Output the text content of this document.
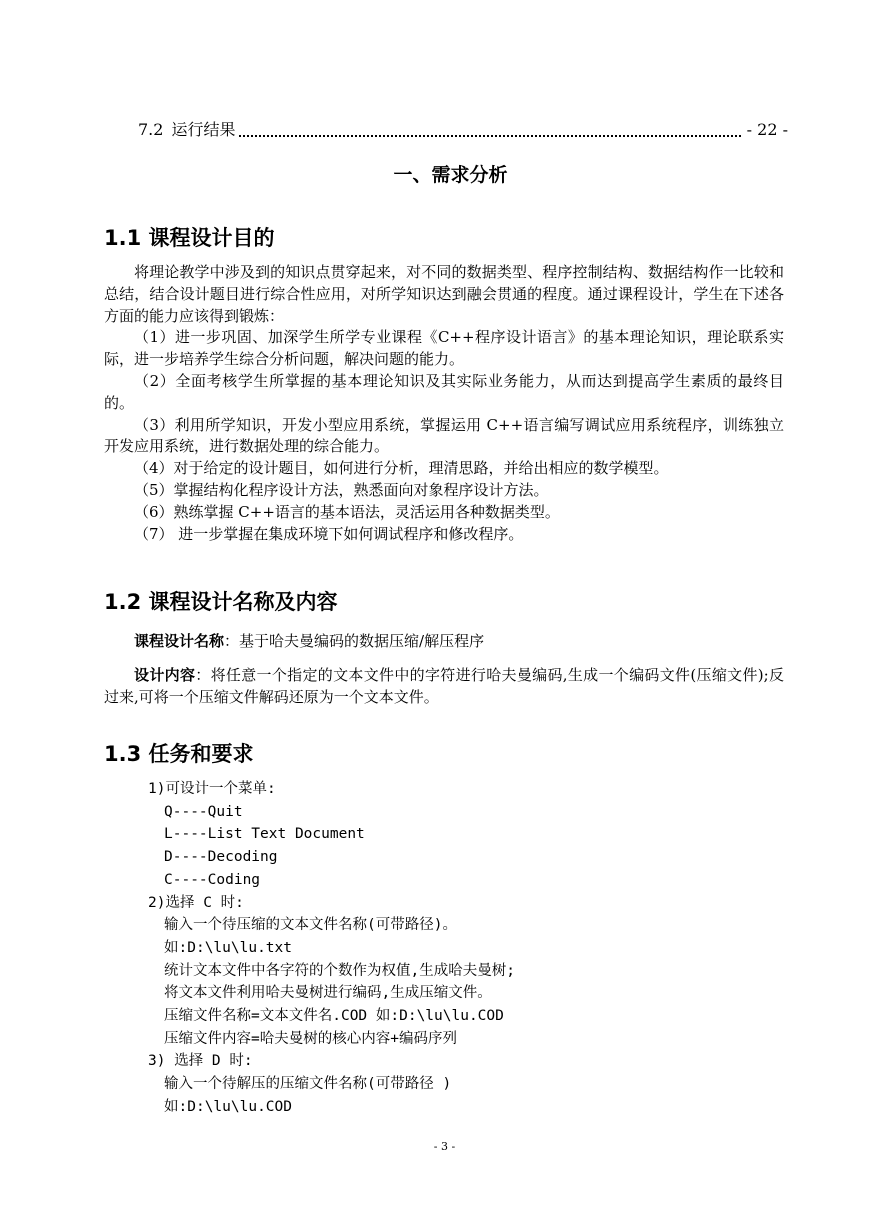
7.2 运行结果	- 22 -
一、需求分析
1.1 课程设计目的

将理论教学中涉及到的知识点贯穿起来，对不同的数据类型、程序控制结构、数据结构作一比较和总结，结合设计题目进行综合性应用，对所学知识达到融会贯通的程度。通过课程设计，学生在下述各方面的能力应该得到锻炼：

（1）进一步巩固、加深学生所学专业课程《C++程序设计语言》的基本理论知识，理论联系实际，进一步培养学生综合分析问题，解决问题的能力。

（2）全面考核学生所掌握的基本理论知识及其实际业务能力，从而达到提高学生素质的最终目的。

（3）利用所学知识，开发小型应用系统，掌握运用 C++语言编写调试应用系统程序，训练独立开发应用系统，进行数据处理的综合能力。

（4）对于给定的设计题目，如何进行分析，理清思路，并给出相应的数学模型。

（5）掌握结构化程序设计方法，熟悉面向对象程序设计方法。

（6）熟练掌握 C++语言的基本语法，灵活运用各种数据类型。

（7） 进一步掌握在集成环境下如何调试程序和修改程序。

1.2 课程设计名称及内容

课程设计名称：基于哈夫曼编码的数据压缩/解压程序

设计内容：将任意一个指定的文本文件中的字符进行哈夫曼编码,生成一个编码文件(压缩文件);反过来,可将一个压缩文件解码还原为一个文本文件。

1.3 任务和要求
1)可设计一个菜单:
Q----Quit
L----List Text Document
D----Decoding
C----Coding
2)选择 C 时:
输入一个待压缩的文本文件名称(可带路径)。
如:D:\lu\lu.txt
统计文本文件中各字符的个数作为权值,生成哈夫曼树;
将文本文件利用哈夫曼树进行编码,生成压缩文件。
压缩文件名称=文本文件名.COD 如:D:\lu\lu.COD
压缩文件内容=哈夫曼树的核心内容+编码序列
3) 选择 D 时:
输入一个待解压的压缩文件名称(可带路径 )
如:D:\lu\lu.COD
- 3 -
